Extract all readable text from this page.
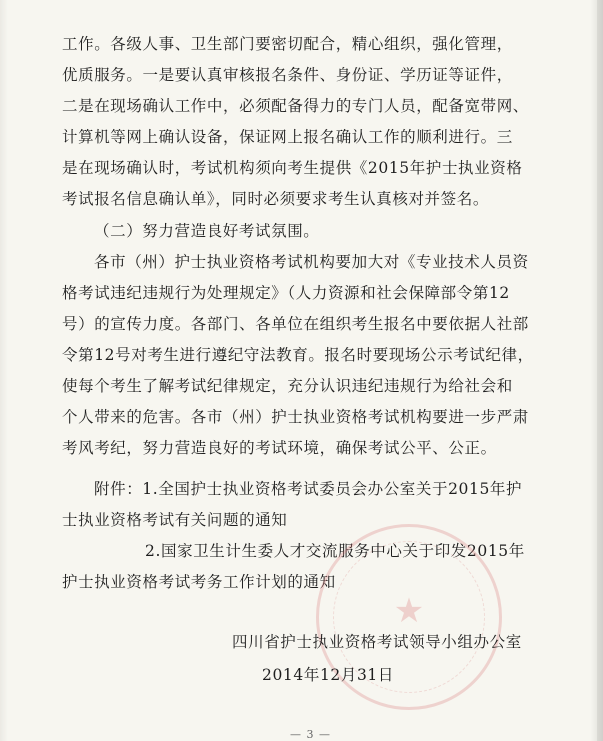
工作。各级人事、卫生部门要密切配合，精心组织，强化管理，
优质服务。一是要认真审核报名条件、身份证、学历证等证件，
二是在现场确认工作中，必须配备得力的专门人员，配备宽带网、
计算机等网上确认设备，保证网上报名确认工作的顺利进行。三
是在现场确认时，考试机构须向考生提供《2015年护士执业资格
考试报名信息确认单》，同时必须要求考生认真核对并签名。
（二）努力营造良好考试氛围。
各市（州）护士执业资格考试机构要加大对《专业技术人员资
格考试违纪违规行为处理规定》（人力资源和社会保障部令第12
号）的宣传力度。各部门、各单位在组织考生报名中要依据人社部
令第12号对考生进行遵纪守法教育。报名时要现场公示考试纪律，
使每个考生了解考试纪律规定，充分认识违纪违规行为给社会和
个人带来的危害。各市（州）护士执业资格考试机构要进一步严肃
考风考纪，努力营造良好的考试环境，确保考试公平、公正。
附件：1.全国护士执业资格考试委员会办公室关于2015年护
士执业资格考试有关问题的通知
2.国家卫生计生委人才交流服务中心关于印发2015年
护士执业资格考试考务工作计划的通知
★
四川省护士执业资格考试领导小组办公室
2014年12月31日
— 3 —
